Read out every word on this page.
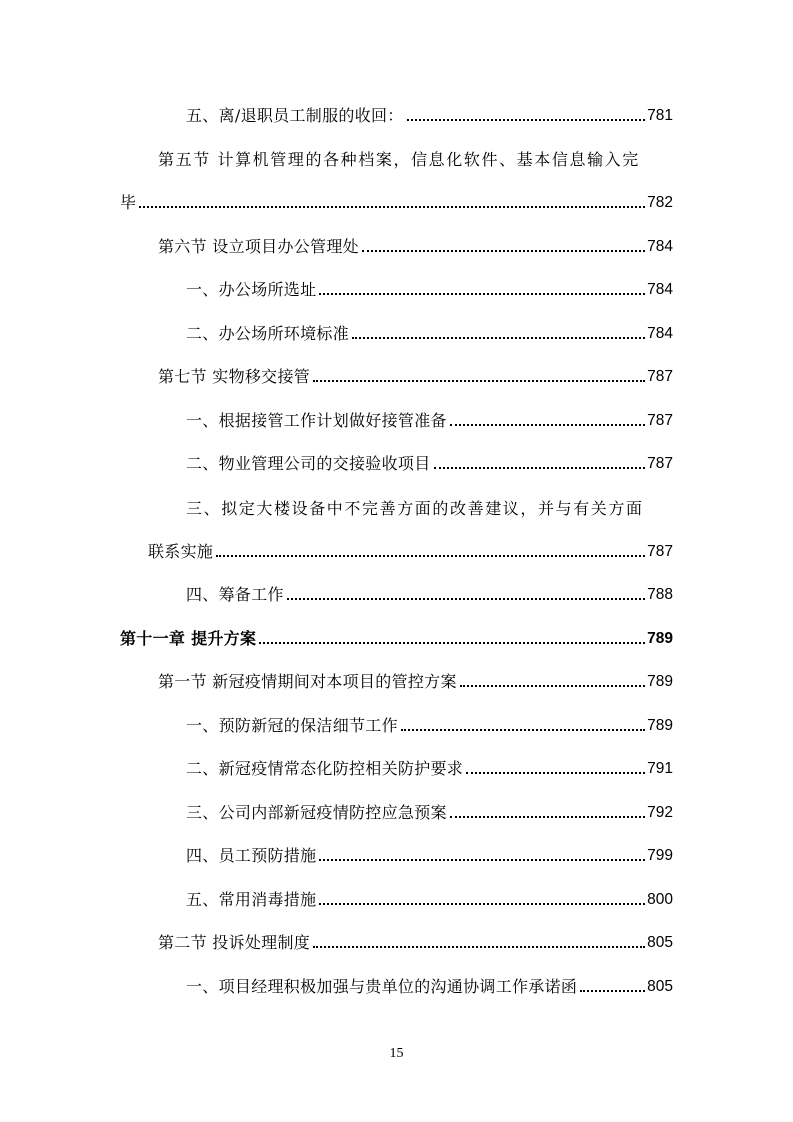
五、离/退职员工制服的收回：	781
第五节 计算机管理的各种档案，信息化软件、基本信息输入完
毕	782
第六节 设立项目办公管理处	784
一、办公场所选址	784
二、办公场所环境标准	784
第七节 实物移交接管	787
一、根据接管工作计划做好接管准备	787
二、物业管理公司的交接验收项目	787
三、拟定大楼设备中不完善方面的改善建议，并与有关方面
联系实施	787
四、筹备工作	788
第十一章 提升方案	789
第一节 新冠疫情期间对本项目的管控方案	789
一、预防新冠的保洁细节工作	789
二、新冠疫情常态化防控相关防护要求	791
三、公司内部新冠疫情防控应急预案	792
四、员工预防措施	799
五、常用消毒措施	800
第二节 投诉处理制度	805
一、项目经理积极加强与贵单位的沟通协调工作承诺函	805
15
